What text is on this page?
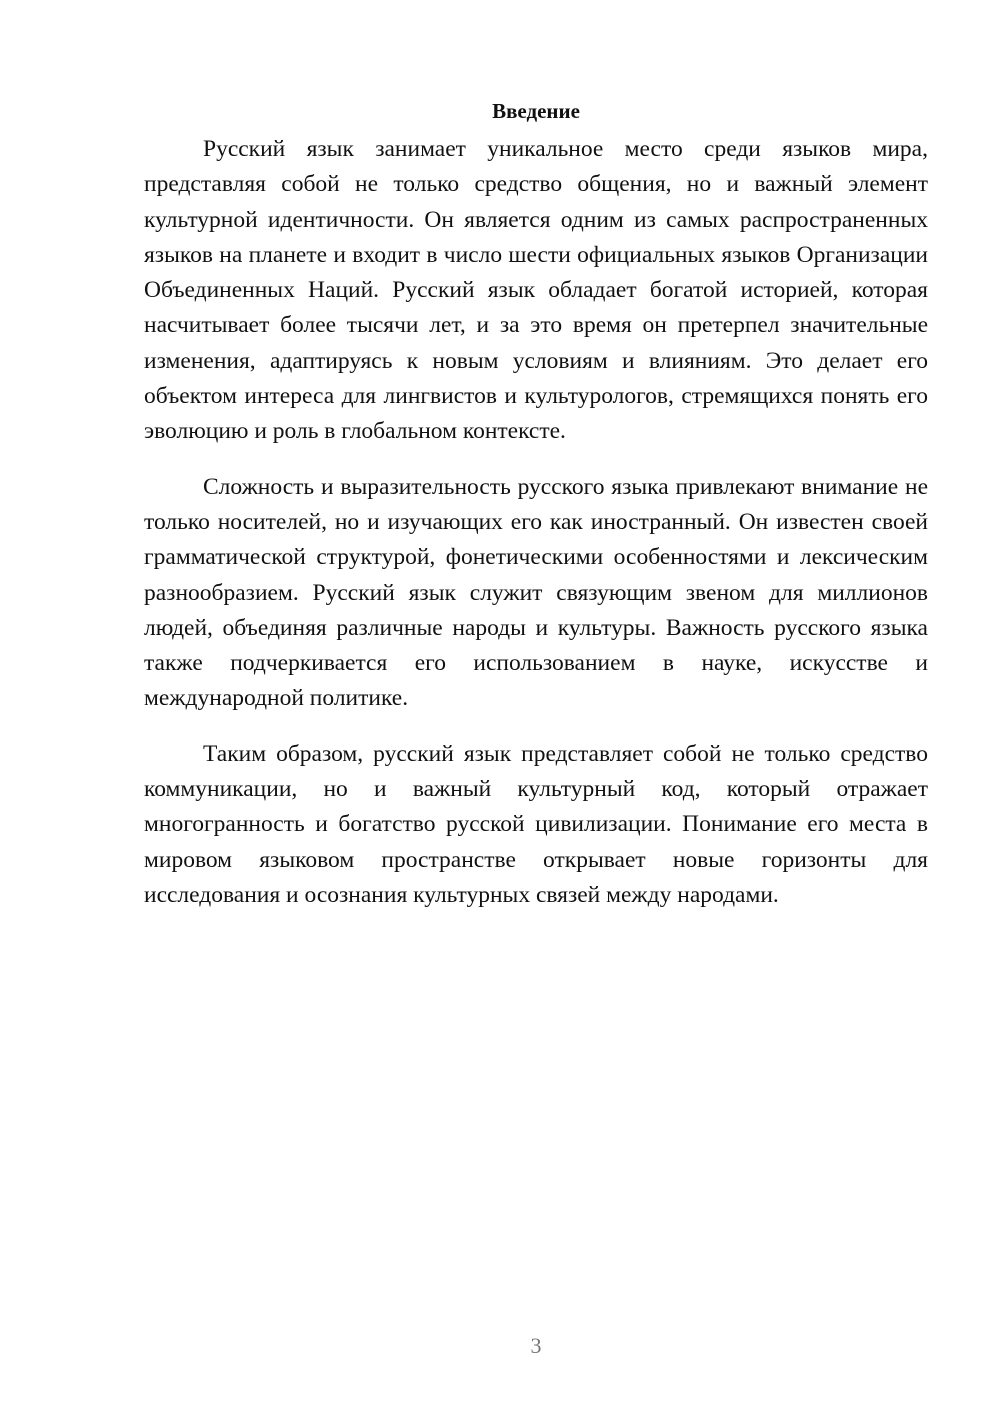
Введение

Русский язык занимает уникальное место среди языков мира, представляя собой не только средство общения, но и важный элемент культурной идентичности. Он является одним из самых распространенных языков на планете и входит в число шести официальных языков Организации Объединенных Наций. Русский язык обладает богатой историей, которая насчитывает более тысячи лет, и за это время он претерпел значительные изменения, адаптируясь к новым условиям и влияниям. Это делает его объектом интереса для лингвистов и культурологов, стремящихся понять его эволюцию и роль в глобальном контексте.

Сложность и выразительность русского языка привлекают внимание не только носителей, но и изучающих его как иностранный. Он известен своей грамматической структурой, фонетическими особенностями и лексическим разнообразием. Русский язык служит связующим звеном для миллионов людей, объединяя различные народы и культуры. Важность русского языка также подчеркивается его использованием в науке, искусстве и международной политике.

Таким образом, русский язык представляет собой не только средство коммуникации, но и важный культурный код, который отражает многогранность и богатство русской цивилизации. Понимание его места в мировом языковом пространстве открывает новые горизонты для исследования и осознания культурных связей между народами.

3
